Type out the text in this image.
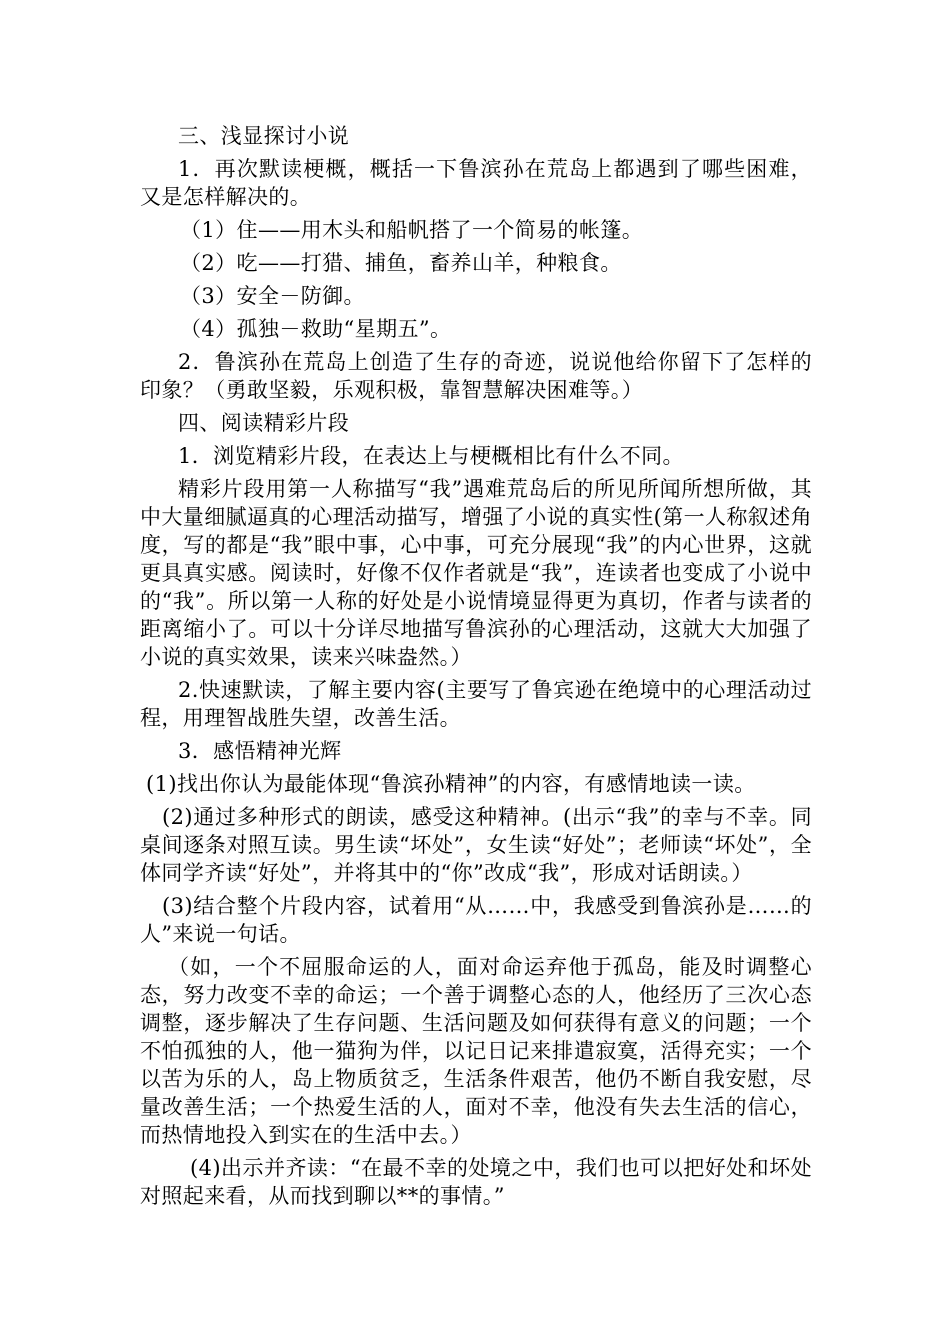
三、浅显探讨小说

1．再次默读梗概，概括一下鲁滨孙在荒岛上都遇到了哪些困难，又是怎样解决的。

（1）住——用木头和船帆搭了一个简易的帐篷。

（2）吃——打猎、捕鱼，畜养山羊，种粮食。

（3）安全－防御。

（4）孤独－救助“星期五”。

2．鲁滨孙在荒岛上创造了生存的奇迹，说说他给你留下了怎样的印象？（勇敢坚毅，乐观积极，靠智慧解决困难等。）

四、阅读精彩片段

1．浏览精彩片段，在表达上与梗概相比有什么不同。

精彩片段用第一人称描写“我”遇难荒岛后的所见所闻所想所做，其中大量细腻逼真的心理活动描写，增强了小说的真实性(第一人称叙述角度，写的都是“我”眼中事，心中事，可充分展现“我”的内心世界，这就更具真实感。阅读时，好像不仅作者就是“我”，连读者也变成了小说中的“我”。所以第一人称的好处是小说情境显得更为真切，作者与读者的距离缩小了。可以十分详尽地描写鲁滨孙的心理活动，这就大大加强了小说的真实效果，读来兴味盎然。）

2.快速默读，了解主要内容(主要写了鲁宾逊在绝境中的心理活动过程，用理智战胜失望，改善生活。

3．感悟精神光辉

(1)找出你认为最能体现“鲁滨孙精神”的内容，有感情地读一读。

(2)通过多种形式的朗读，感受这种精神。(出示“我”的幸与不幸。同桌间逐条对照互读。男生读“坏处”，女生读“好处”；老师读“坏处”，全体同学齐读“好处”，并将其中的“你”改成“我”，形成对话朗读。）

(3)结合整个片段内容，试着用“从……中，我感受到鲁滨孙是……的人”来说一句话。

（如，一个不屈服命运的人，面对命运弃他于孤岛，能及时调整心态，努力改变不幸的命运；一个善于调整心态的人，他经历了三次心态调整，逐步解决了生存问题、生活问题及如何获得有意义的问题；一个不怕孤独的人，他一猫狗为伴，以记日记来排遣寂寞，活得充实；一个以苦为乐的人，岛上物质贫乏，生活条件艰苦，他仍不断自我安慰，尽量改善生活；一个热爱生活的人，面对不幸，他没有失去生活的信心，而热情地投入到实在的生活中去。）

(4)出示并齐读：“在最不幸的处境之中，我们也可以把好处和坏处对照起来看，从而找到聊以**的事情。”
